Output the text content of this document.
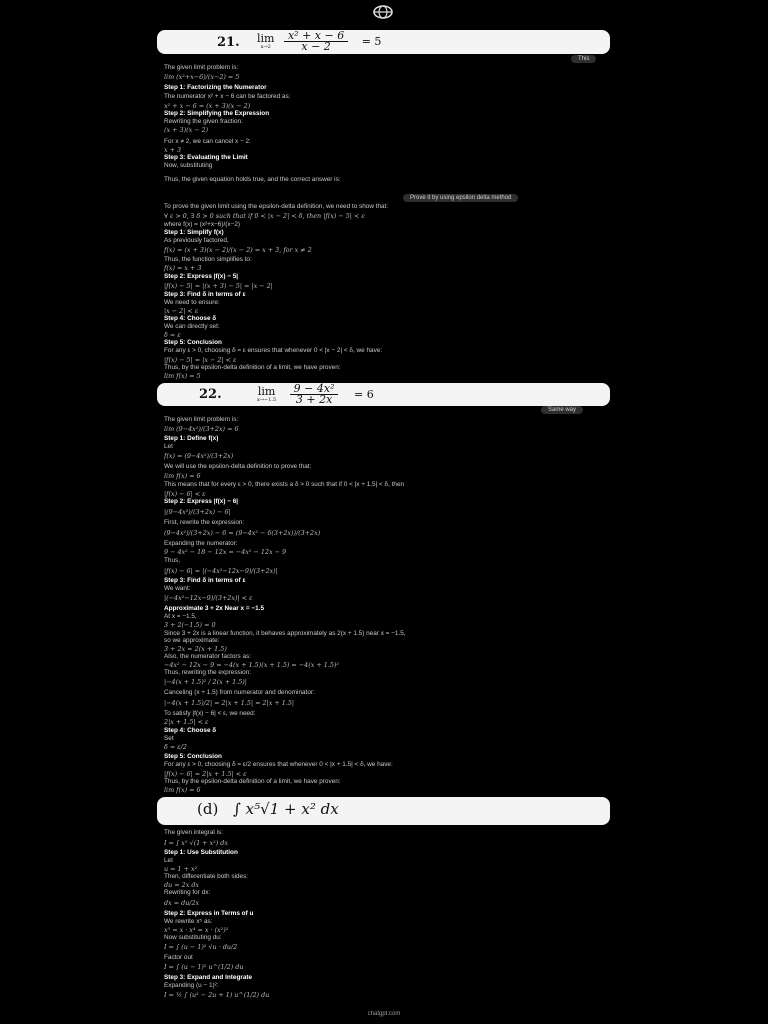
21. lim
x→2
	$\frac{\text{x² + x − 6}}{x - 2} = 5$
This
The given limit problem is:
lim (x²+x−6)/(x−2) = 5
Step 1: Factorizing the Numerator
The numerator x² + x − 6 can be factored as:
x² + x − 6 = (x + 3)(x − 2)
Step 2: Simplifying the Expression
Rewriting the given fraction:
(x + 3)(x − 2)
For x ≠ 2, we can cancel x − 2:
x + 3
Step 3: Evaluating the Limit
Now, substituting
Thus, the given equation holds true, and the correct answer is:
Prove it by using epsilon delta method
To prove the given limit using the epsilon-delta definition, we need to show that:
∀ ε > 0, ∃ δ > 0 such that if 0 < |x − 2| < δ, then |f(x) − 5| < ε
where f(x) = (x²+x−6)/(x−2)
Step 1: Simplify f(x)
As previously factored,
f(x) = (x + 3)(x − 2)/(x − 2) = x + 3, for x ≠ 2
Thus, the function simplifies to:
f(x) = x + 3
Step 2: Express |f(x) − 5|
|f(x) − 5| = |(x + 3) − 5| = |x − 2|
Step 3: Find δ in terms of ε
We need to ensure:
|x − 2| < ε
Step 4: Choose δ
We can directly set:
δ = ε
Step 5: Conclusion
For any ε > 0, choosing δ = ε ensures that whenever 0 < |x − 2| < δ, we have:
|f(x) − 5| = |x − 2| < ε
Thus, by the epsilon-delta definition of a limit, we have proven:
lim f(x) = 5
22.	lim
x→−1.5
$\frac{\text{9 − 4x²}}{3 + 2x} = 6$
Same way
The given limit problem is:
lim (9−4x²)/(3+2x) = 6
Step 1: Define f(x)
Let
f(x) = (9−4x²)/(3+2x)
We will use the epsilon-delta definition to prove that:
lim f(x) = 6
This means that for every ε > 0, there exists a δ > 0 such that if 0 < |x + 1.5| < δ, then
|f(x) − 6| < ε
Step 2: Express |f(x) − 6|
|(9−4x²)/(3+2x) − 6|
First, rewrite the expression:
(9−4x²)/(3+2x) − 6 = (9−4x² − 6(3+2x))/(3+2x)
Expanding the numerator:
9 − 4x² − 18 − 12x = −4x² − 12x − 9
Thus,
|f(x) − 6| = |(−4x²−12x−9)/(3+2x)|
Step 3: Find δ in terms of ε
We want:
|(−4x²−12x−9)/(3+2x)| < ε
Approximate 3 + 2x Near x = −1.5
At x = −1.5,
3 + 2(−1.5) = 0
Since 3 + 2x is a linear function, it behaves approximately as 2(x + 1.5) near x = −1.5,
so we approximate:
3 + 2x ≈ 2(x + 1.5)
Also, the numerator factors as:
−4x² − 12x − 9 = −4(x + 1.5)(x + 1.5) = −4(x + 1.5)²
Thus, rewriting the expression:
|−4(x + 1.5)² / 2(x + 1.5)|
Canceling (x + 1.5) from numerator and denominator:
|−4(x + 1.5)/2| = 2|x + 1.5| = 2|x + 1.5|
To satisfy |f(x) − 6| < ε, we need:
2|x + 1.5| < ε
Step 4: Choose δ
Set
δ = ε/2
Step 5: Conclusion
For any ε > 0, choosing δ = ε/2 ensures that whenever 0 < |x + 1.5| < δ, we have:
|f(x) − 6| = 2|x + 1.5| < ε
Thus, by the epsilon-delta definition of a limit, we have proven:
lim f(x) = 6
(d) ∫ x⁵√1 + x² dx
The given integral is:
I = ∫ x⁵ √(1 + x²) dx
Step 1: Use Substitution
Let
u = 1 + x²
Then, differentiate both sides:
du = 2x dx
Rewriting for dx:
dx = du/2x
Step 2: Express in Terms of u
We rewrite x⁵ as:
x⁵ = x · x⁴ = x · (x²)²
Now substituting du:
I = ∫ (u − 1)² √u · du/2
Factor out
I = ∫ (u − 1)² u^(1/2) du
Step 3: Expand and Integrate
Expanding (u − 1)²:
I = ½ ∫ (u² − 2u + 1) u^(1/2) du
chatgpt.com
